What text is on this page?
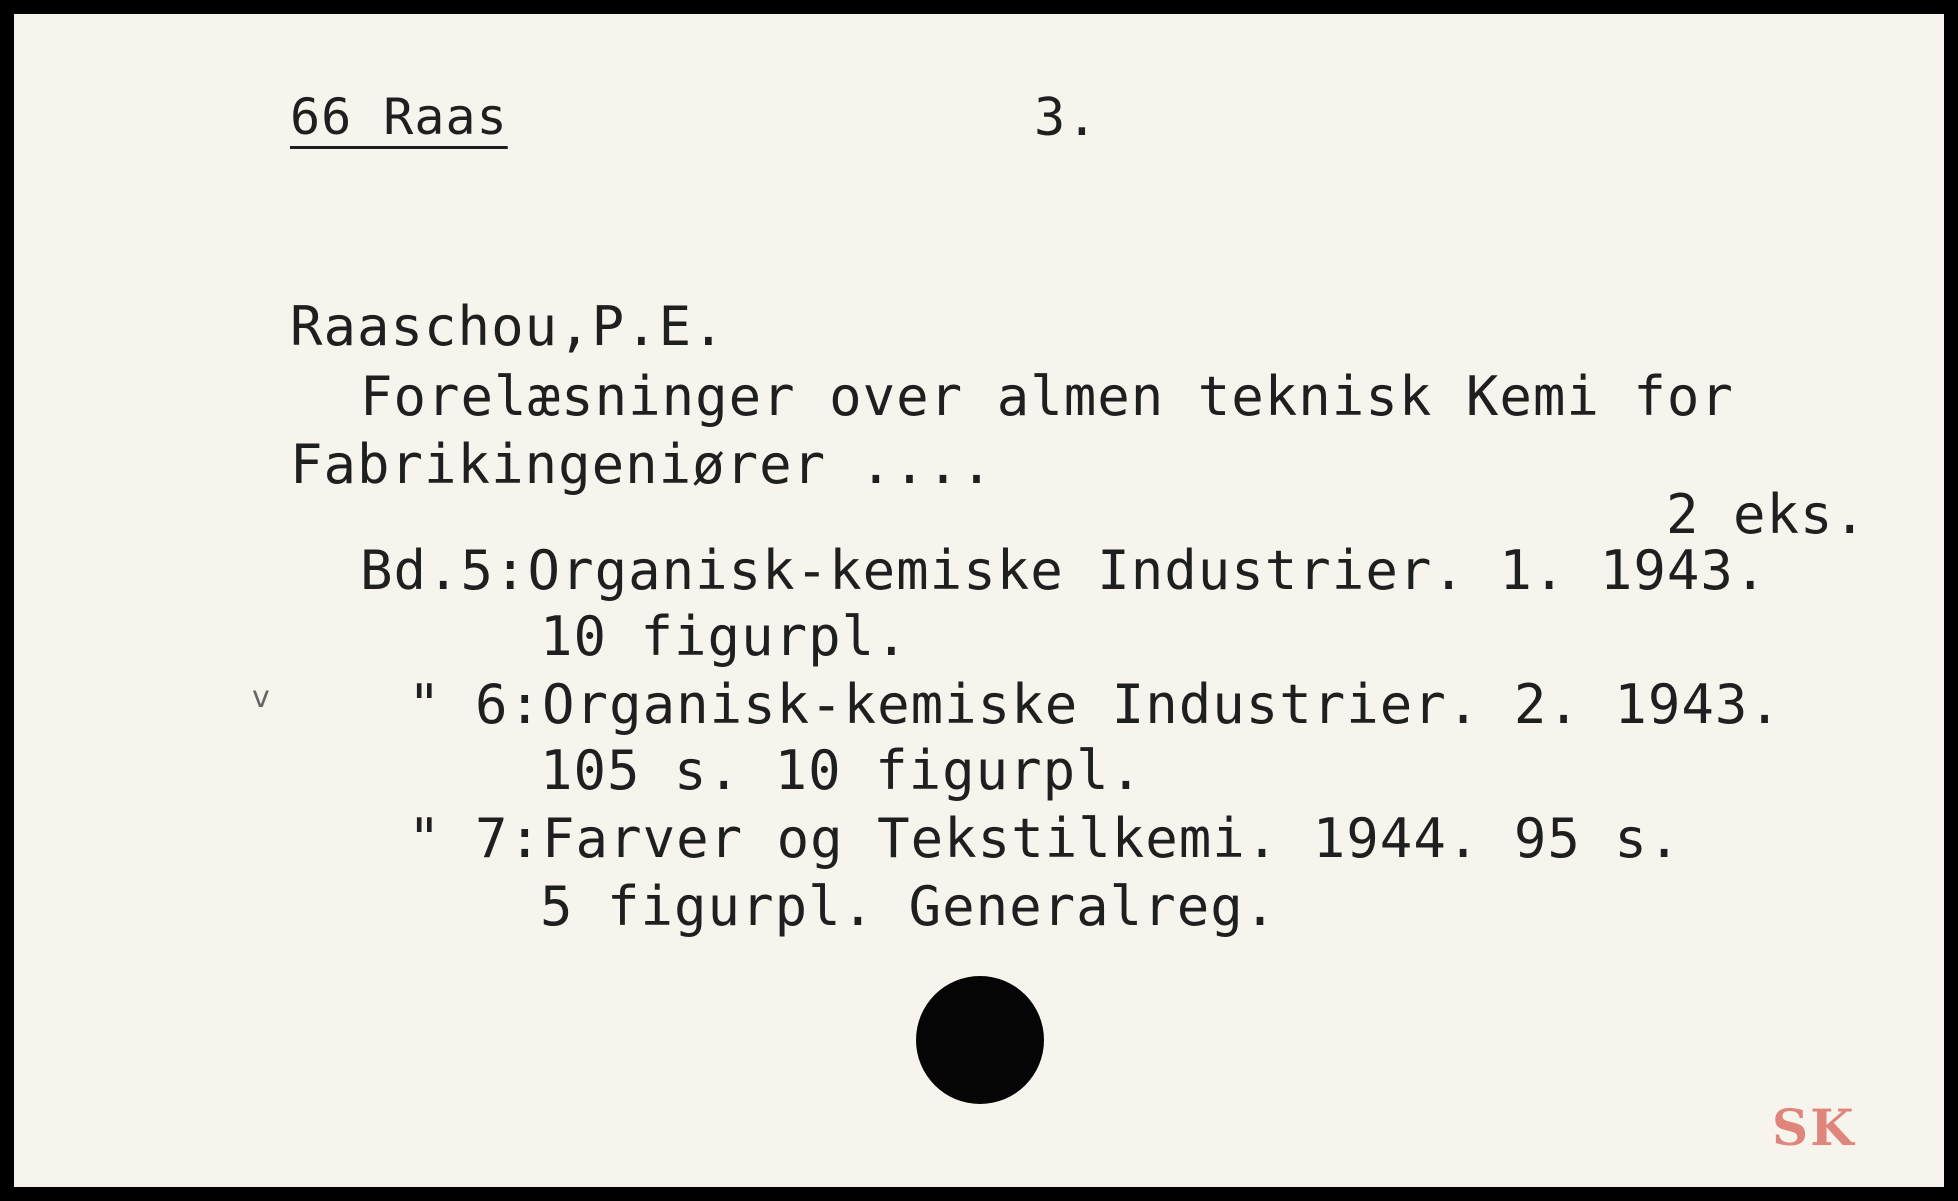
66 Raas	3.
Raaschou,P.E.
Forelæsninger over almen teknisk Kemi for
Fabrikingeniører ....
2 eks.
Bd.5:Organisk-kemiske Industrier. 1. 1943.
10 figurpl.
v	" 6:Organisk-kemiske Industrier. 2. 1943.
105 s. 10 figurpl.
" 7:Farver og Tekstilkemi. 1944. 95 s.
5 figurpl. Generalreg.
SK
